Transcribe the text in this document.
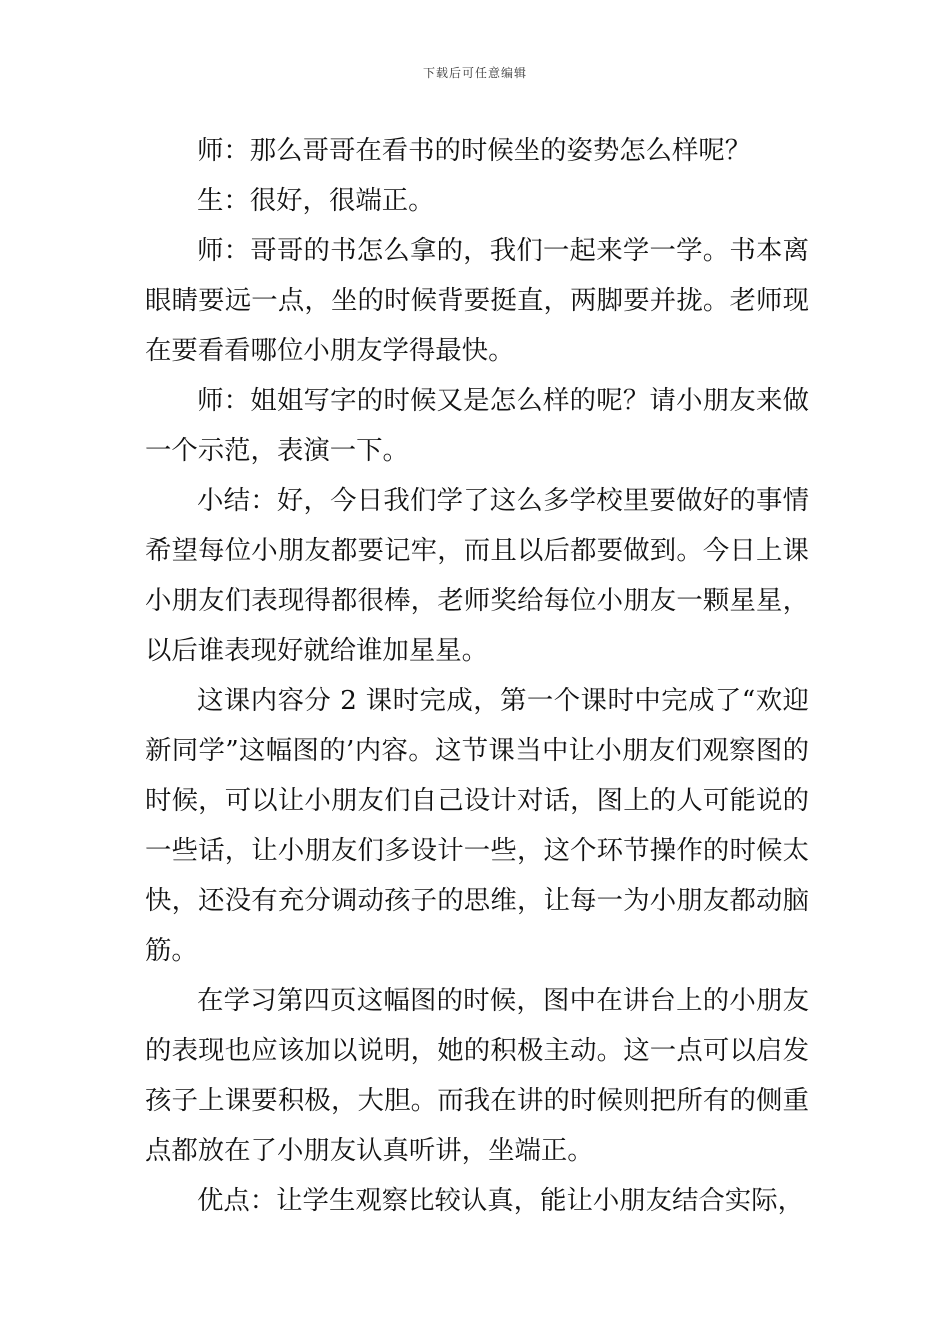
下载后可任意编辑

师：那么哥哥在看书的时候坐的姿势怎么样呢？

生：很好，很端正。

师：哥哥的书怎么拿的，我们一起来学一学。书本离眼睛要远一点，坐的时候背要挺直，两脚要并拢。老师现在要看看哪位小朋友学得最快。

师：姐姐写字的时候又是怎么样的呢？请小朋友来做一个示范，表演一下。

小结：好，今日我们学了这么多学校里要做好的事情希望每位小朋友都要记牢，而且以后都要做到。今日上课小朋友们表现得都很棒，老师奖给每位小朋友一颗星星，以后谁表现好就给谁加星星。

这课内容分 2 课时完成，第一个课时中完成了“欢迎新同学”这幅图的’内容。这节课当中让小朋友们观察图的时候，可以让小朋友们自己设计对话，图上的人可能说的一些话，让小朋友们多设计一些，这个环节操作的时候太快，还没有充分调动孩子的思维，让每一为小朋友都动脑筋。

在学习第四页这幅图的时候，图中在讲台上的小朋友的表现也应该加以说明，她的积极主动。这一点可以启发孩子上课要积极，大胆。而我在讲的时候则把所有的侧重点都放在了小朋友认真听讲，坐端正。

优点：让学生观察比较认真，能让小朋友结合实际，
